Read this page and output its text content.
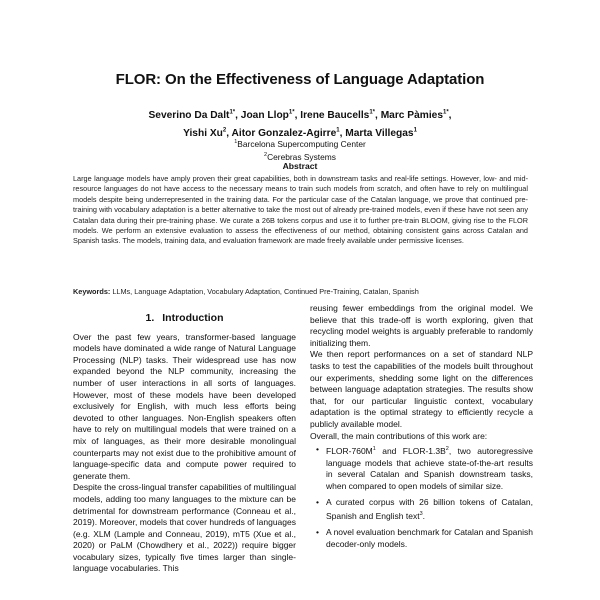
FLOR: On the Effectiveness of Language Adaptation
Severino Da Dalt$^{1*}$, Joan Llop$^{1*}$, Irene Baucells$^{1*}$, Marc Pàmies$^{1*}$,
Yishi Xu$^2$, Aitor Gonzalez-Agirre$^1$, Marta Villegas$^1$
$^1$Barcelona Supercomputing Center
$^2$Cerebras Systems
Abstract
Large language models have amply proven their great capabilities, both in downstream tasks and real-life settings. However, low- and mid-resource languages do not have access to the necessary means to train such models from scratch, and often have to rely on multilingual models despite being underrepresented in the training data. For the particular case of the Catalan language, we prove that continued pre-training with vocabulary adaptation is a better alternative to take the most out of already pre-trained models, even if these have not seen any Catalan data during their pre-training phase. We curate a 26B tokens corpus and use it to further pre-train BLOOM, giving rise to the FLOR models. We perform an extensive evaluation to assess the effectiveness of our method, obtaining consistent gains across Catalan and Spanish tasks. The models, training data, and evaluation framework are made freely available under permissive licenses.
Keywords: LLMs, Language Adaptation, Vocabulary Adaptation, Continued Pre-Training, Catalan, Spanish
1. Introduction

Over the past few years, transformer-based language models have dominated a wide range of Natural Language Processing (NLP) tasks. Their widespread use has now expanded beyond the NLP community, increasing the number of user interactions in all sorts of languages. However, most of these models have been developed exclusively for English, with much less efforts being devoted to other languages. Non-English speakers often have to rely on multilingual models that were trained on a mix of languages, as their more desirable monolingual counterparts may not exist due to the prohibitive amount of language-specific data and compute power required to generate them.

Despite the cross-lingual transfer capabilities of multilingual models, adding too many languages to the mixture can be detrimental for downstream performance (Conneau et al., 2019). Moreover, models that cover hundreds of languages (e.g. XLM (Lample and Conneau, 2019), mT5 (Xue et al., 2020) or PaLM (Chowdhery et al., 2022)) require bigger vocabulary sizes, typically five times larger than single-language vocabularies. This

reusing fewer embeddings from the original model. We believe that this trade-off is worth exploring, given that recycling model weights is arguably preferable to randomly initializing them.

We then report performances on a set of standard NLP tasks to test the capabilities of the models built throughout our experiments, shedding some light on the differences between language adaptation strategies. The results show that, for our particular linguistic context, vocabulary adaptation is the optimal strategy to efficiently recycle a publicly available model.

Overall, the main contributions of this work are:

• FLOR-760M$^1$ and FLOR-1.3B$^2$, two autoregressive language models that achieve state-of-the-art results in several Catalan and Spanish downstream tasks, when compared to open models of similar size.
• A curated corpus with 26 billion tokens of Catalan, Spanish and English text$^3$.
• A novel evaluation benchmark for Catalan and Spanish decoder-only models.
